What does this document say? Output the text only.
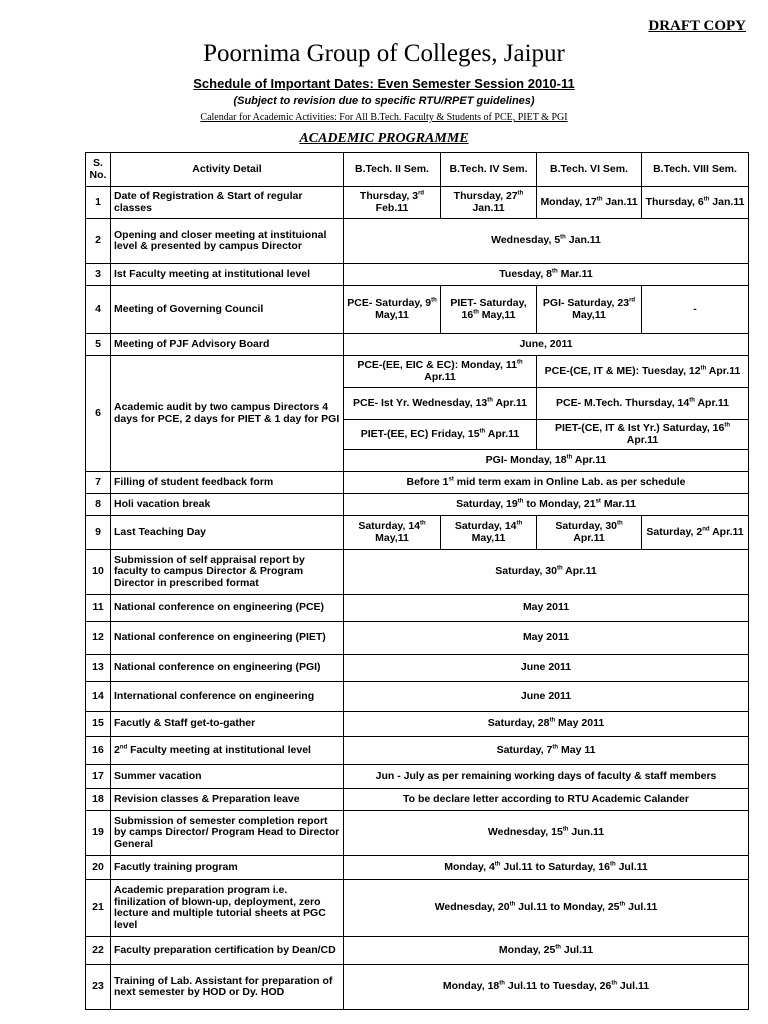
DRAFT COPY
Poornima Group of Colleges, Jaipur
Schedule of Important Dates: Even Semester Session 2010-11
(Subject to revision due to specific RTU/RPET guidelines)
Calendar for Academic Activities: For All B.Tech. Faculty & Students of PCE, PIET & PGI
ACADEMIC PROGRAMME
S. No.	Activity Detail	B.Tech. II Sem.	B.Tech. IV Sem.	B.Tech. VI Sem.	B.Tech. VIII Sem.
1	Date of Registration & Start of regular classes	Thursday, 3rd Feb.11	Thursday, 27th Jan.11	Monday, 17th Jan.11	Thursday, 6th Jan.11
2	Opening and closer meeting at instituional level & presented by campus Director	Wednesday, 5th Jan.11			
3	Ist Faculty meeting at institutional level	Tuesday, 8th Mar.11			
4	Meeting of Governing Council	PCE- Saturday, 9th May,11	PIET- Saturday, 16th May,11	PGI- Saturday, 23rd May,11	-
5	Meeting of PJF Advisory Board	June, 2011			
6	Academic audit by two campus Directors 4 days for PCE, 2 days for PIET & 1 day for PGI	PCE-(EE, EIC & EC): Monday, 11th Apr.11		PCE-(CE, IT & ME): Tuesday, 12th Apr.11	
		PCE- Ist Yr. Wednesday, 13th Apr.11		PCE- M.Tech. Thursday, 14th Apr.11	
		PIET-(EE, EC) Friday, 15th Apr.11		PIET-(CE, IT & Ist Yr.) Saturday, 16th Apr.11	
		PGI- Monday, 18th Apr.11			
7	Filling of student feedback form	Before 1st mid term exam in Online Lab. as per schedule			
8	Holi vacation break	Saturday, 19th to Monday, 21st Mar.11			
9	Last Teaching Day	Saturday, 14th May,11	Saturday, 14th May,11	Saturday, 30th Apr.11	Saturday, 2nd Apr.11
10	Submission of self appraisal report by faculty to campus Director & Program Director in prescribed format	Saturday, 30th Apr.11			
11	National conference on engineering (PCE)	May 2011			
12	National conference on engineering (PIET)	May 2011			
13	National conference on engineering (PGI)	June 2011			
14	International conference on engineering	June 2011			
15	Facutly & Staff get-to-gather	Saturday, 28th May 2011			
16	2nd Faculty meeting at institutional level	Saturday, 7th May 11			
17	Summer vacation	Jun - July as per remaining working days of faculty & staff members			
18	Revision classes & Preparation leave	To be declare letter according to RTU Academic Calander			
19	Submission of semester completion report by camps Director/ Program Head to Director General	Wednesday, 15th Jun.11			
20	Facutly training program	Monday, 4th Jul.11 to Saturday, 16th Jul.11			
21	Academic preparation program i.e. finilization of blown-up, deployment, zero lecture and multiple tutorial sheets at PGC level	Wednesday, 20th Jul.11 to Monday, 25th Jul.11			
22	Faculty preparation certification by Dean/CD	Monday, 25th Jul.11			
23	Training of Lab. Assistant for preparation of next semester by HOD or Dy. HOD	Monday, 18th Jul.11 to Tuesday, 26th Jul.11			
